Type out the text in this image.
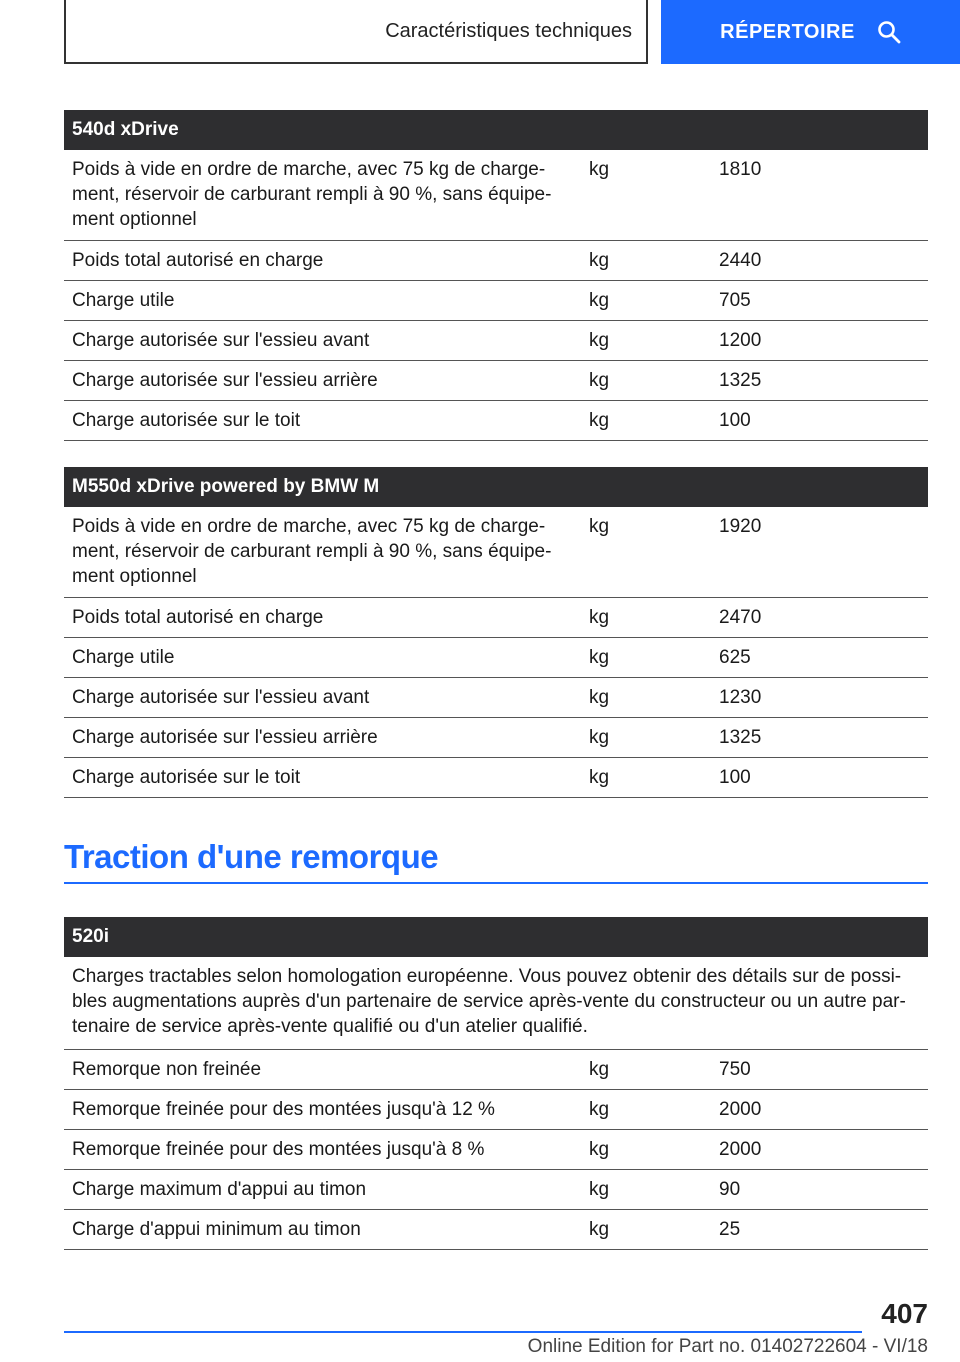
Caractéristiques techniques	RÉPERTOIRE
540d xDrive
Poids à vide en ordre de marche, avec 75 kg de charge-
ment, réservoir de carburant rempli à 90 %, sans équipe-
ment optionnel
kg	1810
Poids total autorisé en charge	kg	2440
Charge utile	kg	705
Charge autorisée sur l'essieu avant	kg	1200
Charge autorisée sur l'essieu arrière	kg	1325
Charge autorisée sur le toit	kg	100
M550d xDrive powered by BMW M
Poids à vide en ordre de marche, avec 75 kg de charge-
ment, réservoir de carburant rempli à 90 %, sans équipe-
ment optionnel
kg	1920
Poids total autorisé en charge	kg	2470
Charge utile	kg	625
Charge autorisée sur l'essieu avant	kg	1230
Charge autorisée sur l'essieu arrière	kg	1325
Charge autorisée sur le toit	kg	100
Traction d'une remorque
520i
Charges tractables selon homologation européenne. Vous pouvez obtenir des détails sur de possi-
bles augmentations auprès d'un partenaire de service après-vente du constructeur ou un autre par-
tenaire de service après-vente qualifié ou d'un atelier qualifié.
Remorque non freinée	kg	750
Remorque freinée pour des montées jusqu'à 12 %	kg	2000
Remorque freinée pour des montées jusqu'à 8 %	kg	2000
Charge maximum d'appui au timon	kg	90
Charge d'appui minimum au timon	kg	25
407
Online Edition for Part no. 01402722604 - VI/18
